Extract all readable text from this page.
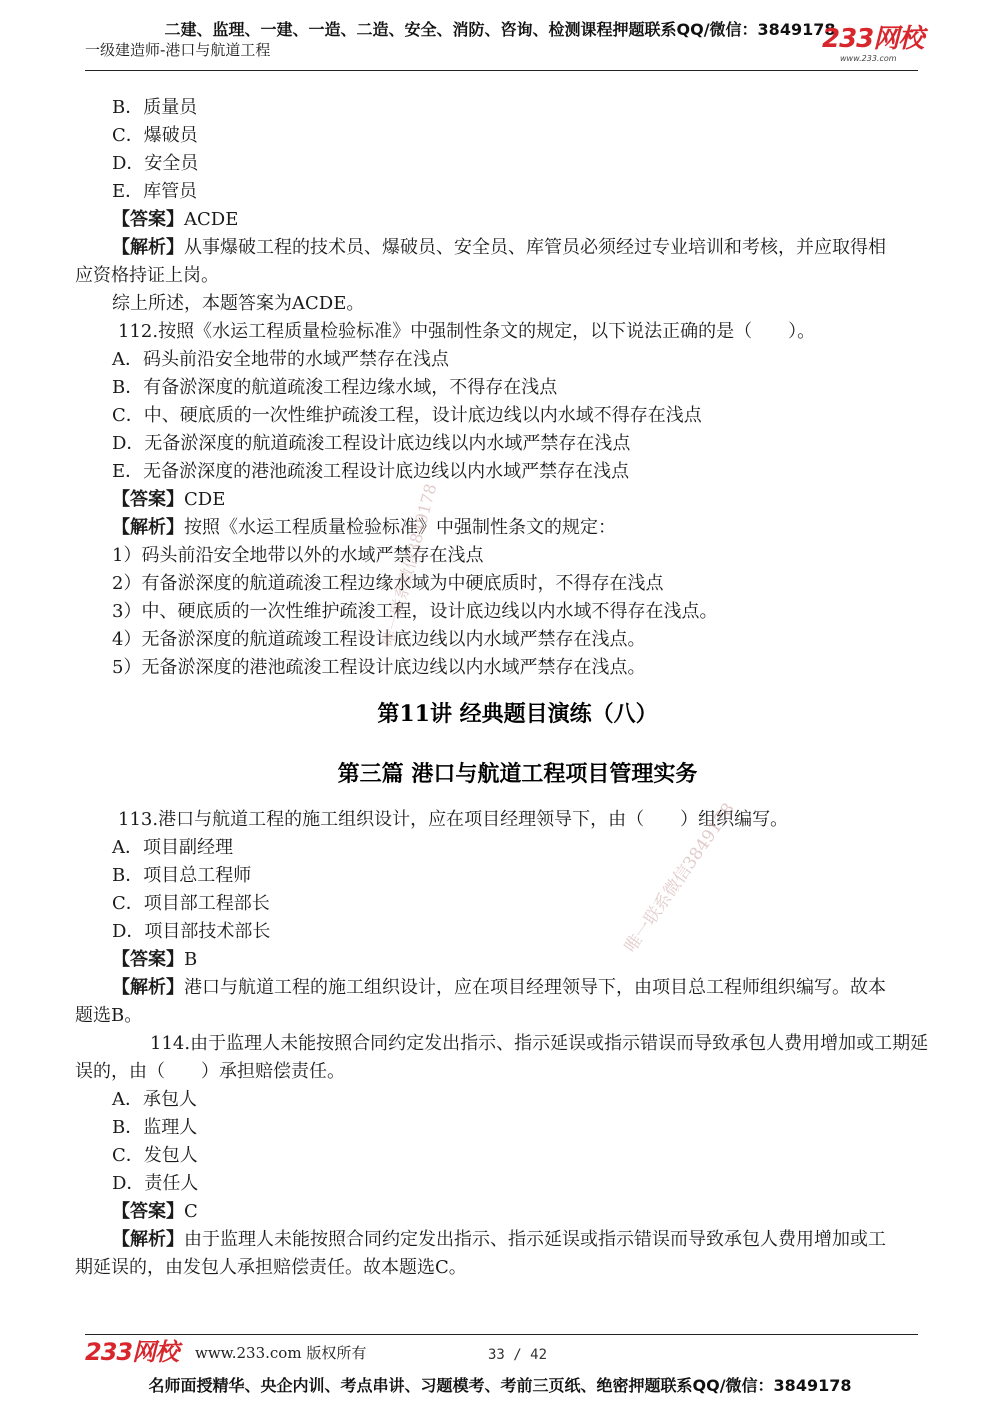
二建、监理、一建、一造、二造、安全、消防、咨询、检测课程押题联系QQ/微信：3849178
一级建造师-港口与航道工程	233网校
www.233.com
B．质量员
C．爆破员
D．安全员
E．库管员
【答案】ACDE
【解析】从事爆破工程的技术员、爆破员、安全员、库管员必须经过专业培训和考核，并应取得相
应资格持证上岗。
综上所述，本题答案为ACDE。
112.按照《水运工程质量检验标准》中强制性条文的规定，以下说法正确的是（　　）。
A．码头前沿安全地带的水域严禁存在浅点
B．有备淤深度的航道疏浚工程边缘水域，不得存在浅点
C．中、硬底质的一次性维护疏浚工程，设计底边线以内水域不得存在浅点
D．无备淤深度的航道疏浚工程设计底边线以内水域严禁存在浅点
E．无备淤深度的港池疏浚工程设计底边线以内水域严禁存在浅点
【答案】CDE
【解析】按照《水运工程质量检验标准》中强制性条文的规定：
1）码头前沿安全地带以外的水域严禁存在浅点
2）有备淤深度的航道疏浚工程边缘水域为中硬底质时，不得存在浅点
3）中、硬底质的一次性维护疏浚工程，设计底边线以内水域不得存在浅点。
4）无备淤深度的航道疏竣工程设计底边线以内水域严禁存在浅点。
5）无备淤深度的港池疏浚工程设计底边线以内水域严禁存在浅点。
第11讲 经典题目演练（八）
第三篇 港口与航道工程项目管理实务
113.港口与航道工程的施工组织设计，应在项目经理领导下，由（　　）组织编写。
A．项目副经理
B．项目总工程师
C．项目部工程部长
D．项目部技术部长
【答案】B
【解析】港口与航道工程的施工组织设计，应在项目经理领导下，由项目总工程师组织编写。故本
题选B。
114.由于监理人未能按照合同约定发出指示、指示延误或指示错误而导致承包人费用增加或工期延
误的，由（　　）承担赔偿责任。
A．承包人
B．监理人
C．发包人
D．责任人
【答案】C
【解析】由于监理人未能按照合同约定发出指示、指示延误或指示错误而导致承包人费用增加或工
期延误的，由发包人承担赔偿责任。故本题选C。
唯一联系微信3849178
唯一联系微信3849178
233网校 www.233.com 版权所有	33 / 42
名师面授精华、央企内训、考点串讲、习题模考、考前三页纸、绝密押题联系QQ/微信：3849178
